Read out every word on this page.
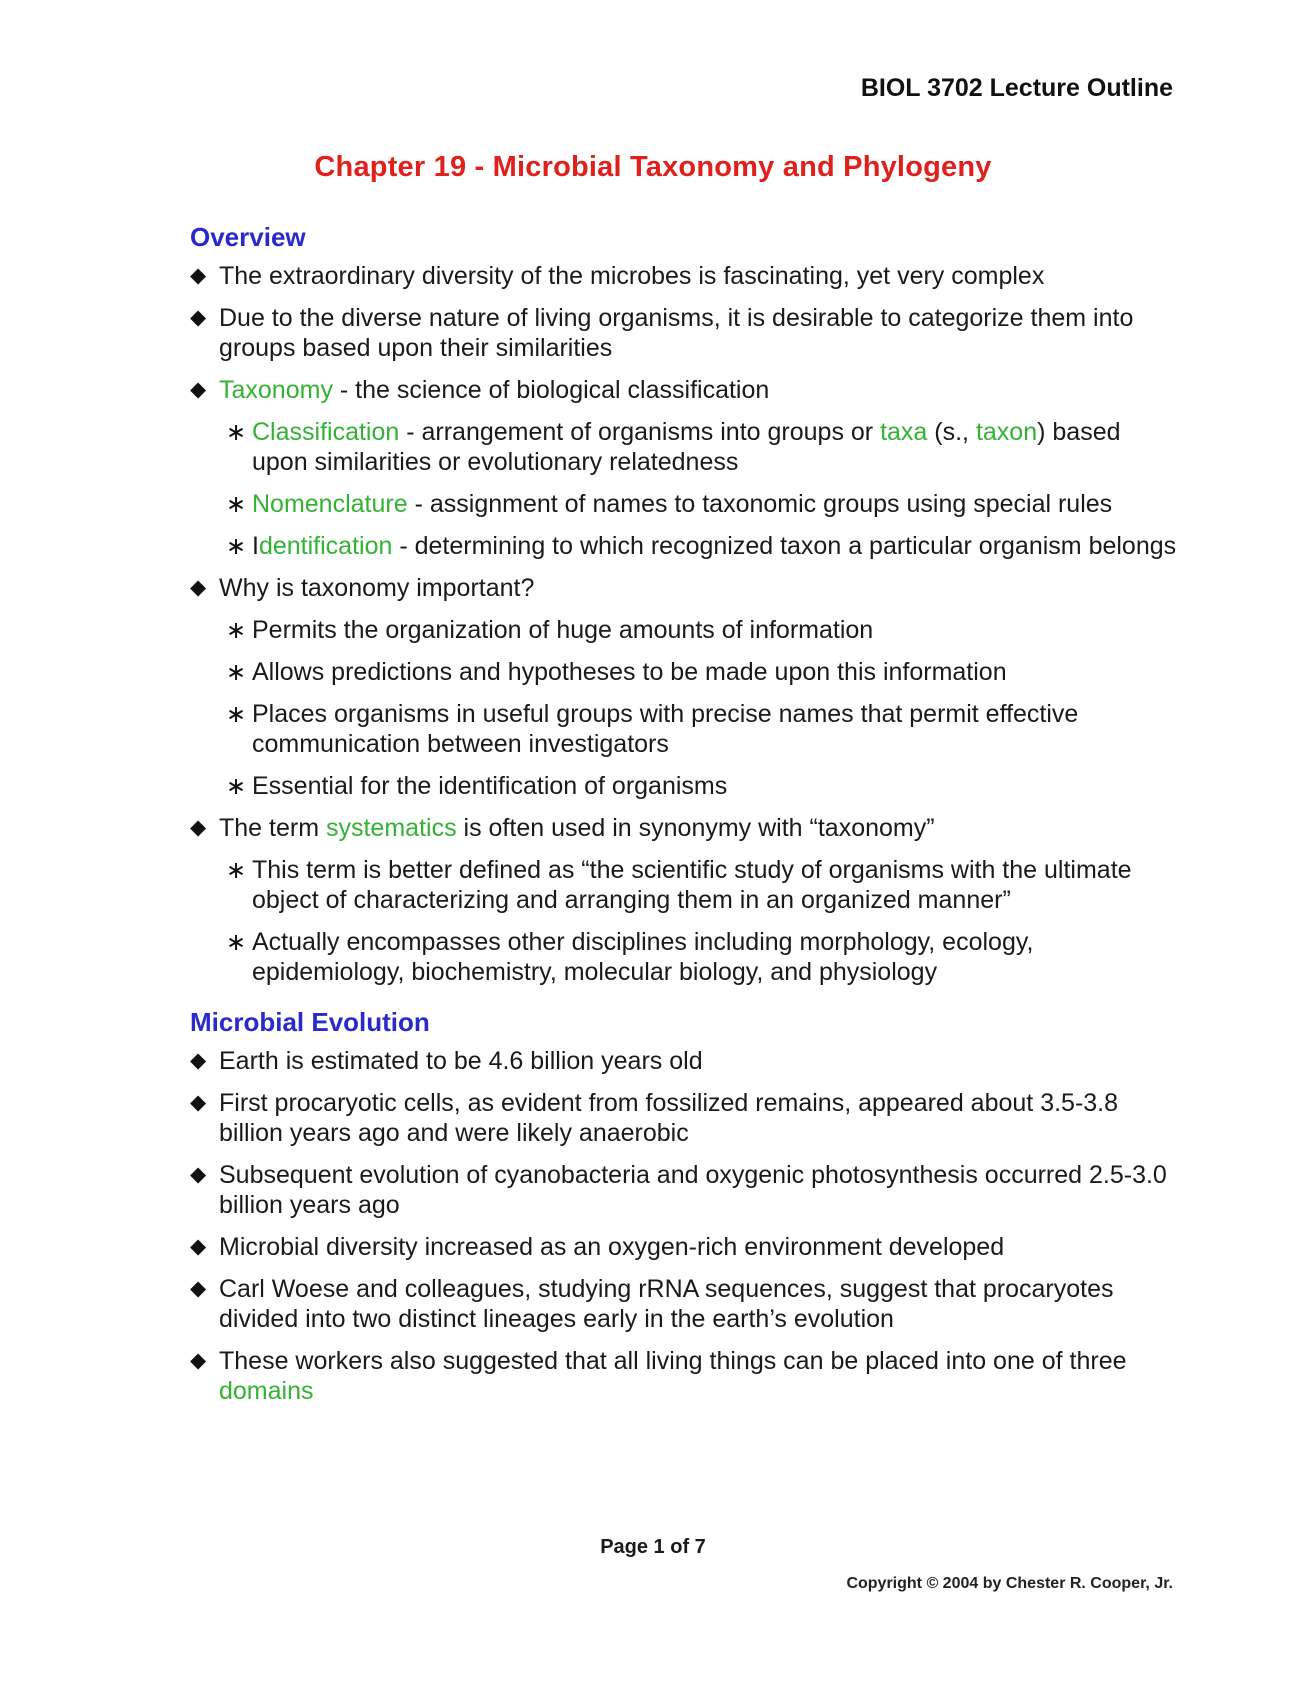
BIOL 3702 Lecture Outline
Chapter 19 - Microbial Taxonomy and Phylogeny
Overview
◆ The extraordinary diversity of the microbes is fascinating, yet very complex
◆ Due to the diverse nature of living organisms, it is desirable to categorize them into groups based upon their similarities
◆ Taxonomy - the science of biological classification
∗ Classification - arrangement of organisms into groups or taxa (s., taxon) based upon similarities or evolutionary relatedness
∗ Nomenclature - assignment of names to taxonomic groups using special rules
∗ Identification - determining to which recognized taxon a particular organism belongs
◆ Why is taxonomy important?
∗ Permits the organization of huge amounts of information
∗ Allows predictions and hypotheses to be made upon this information
∗ Places organisms in useful groups with precise names that permit effective communication between investigators
∗ Essential for the identification of organisms
◆ The term systematics is often used in synonymy with “taxonomy”
∗ This term is better defined as “the scientific study of organisms with the ultimate object of characterizing and arranging them in an organized manner”
∗ Actually encompasses other disciplines including morphology, ecology, epidemiology, biochemistry, molecular biology, and physiology
Microbial Evolution
◆ Earth is estimated to be 4.6 billion years old
◆ First procaryotic cells, as evident from fossilized remains, appeared about 3.5-3.8 billion years ago and were likely anaerobic
◆ Subsequent evolution of cyanobacteria and oxygenic photosynthesis occurred 2.5-3.0 billion years ago
◆ Microbial diversity increased as an oxygen-rich environment developed
◆ Carl Woese and colleagues, studying rRNA sequences, suggest that procaryotes divided into two distinct lineages early in the earth’s evolution
◆ These workers also suggested that all living things can be placed into one of three domains
Page 1 of 7
Copyright © 2004 by Chester R. Cooper, Jr.
